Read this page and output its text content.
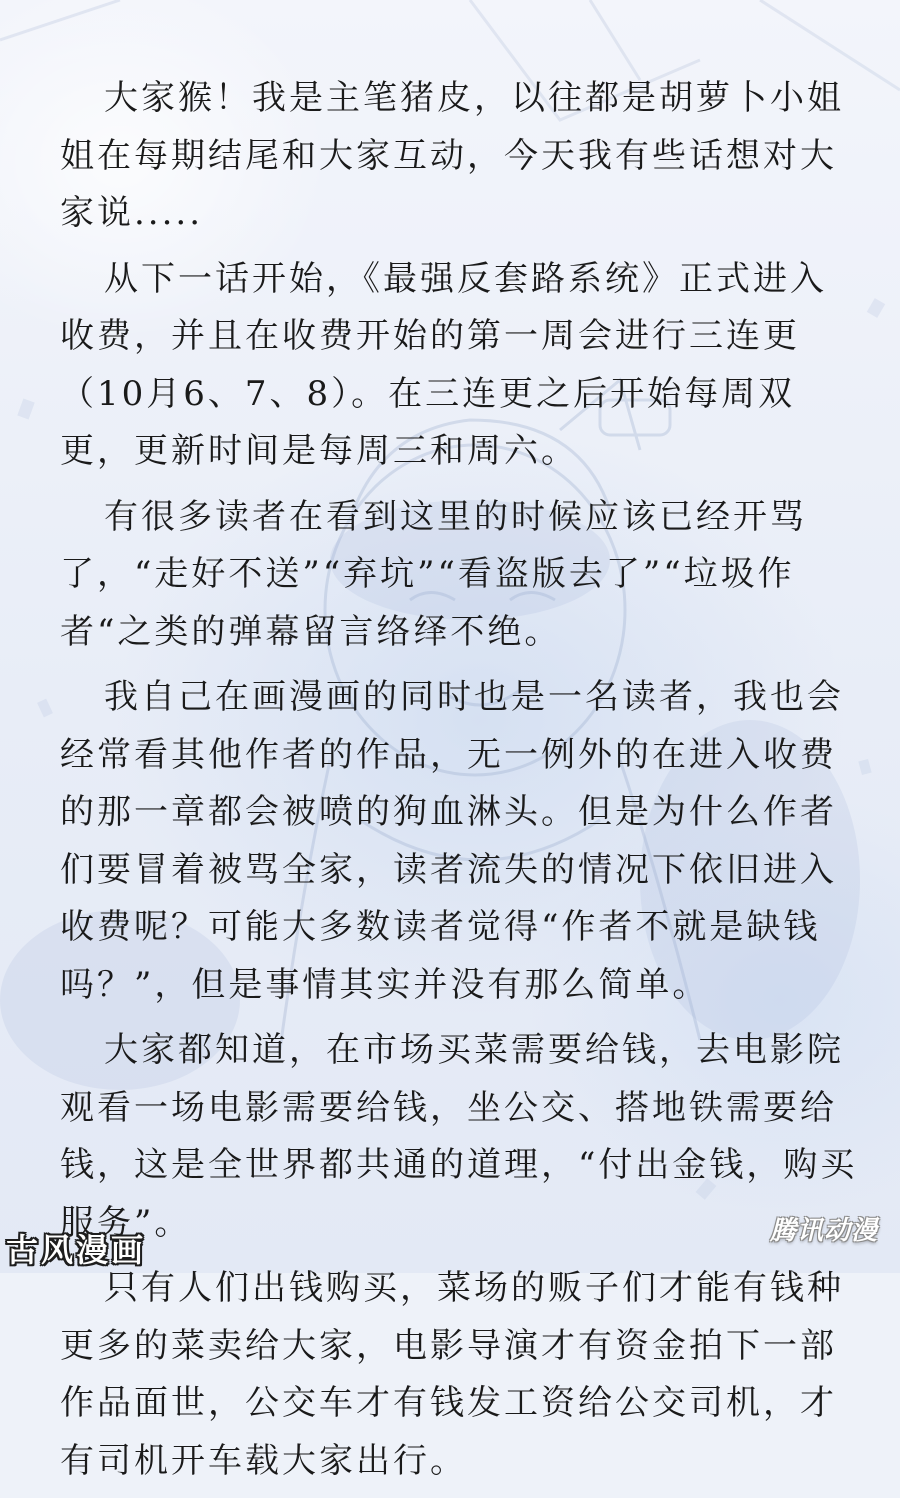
大家猴！我是主笔猪皮，以往都是胡萝卜小姐姐在每期结尾和大家互动，今天我有些话想对大家说.....

从下一话开始，《最强反套路系统》正式进入收费，并且在收费开始的第一周会进行三连更（10月6、7、8）。在三连更之后开始每周双更，更新时间是每周三和周六。

有很多读者在看到这里的时候应该已经开骂了，“走好不送”“弃坑”“看盗版去了”“垃圾作者“之类的弹幕留言络绎不绝。

我自己在画漫画的同时也是一名读者，我也会经常看其他作者的作品，无一例外的在进入收费的那一章都会被喷的狗血淋头。但是为什么作者们要冒着被骂全家，读者流失的情况下依旧进入收费呢？可能大多数读者觉得“作者不就是缺钱吗？”，但是事情其实并没有那么简单。

大家都知道，在市场买菜需要给钱，去电影院观看一场电影需要给钱，坐公交、搭地铁需要给钱，这是全世界都共通的道理，“付出金钱，购买服务”。

只有人们出钱购买，菜场的贩子们才能有钱种更多的菜卖给大家，电影导演才有资金拍下一部作品面世，公交车才有钱发工资给公交司机，才有司机开车载大家出行。

古风漫画	腾讯动漫
